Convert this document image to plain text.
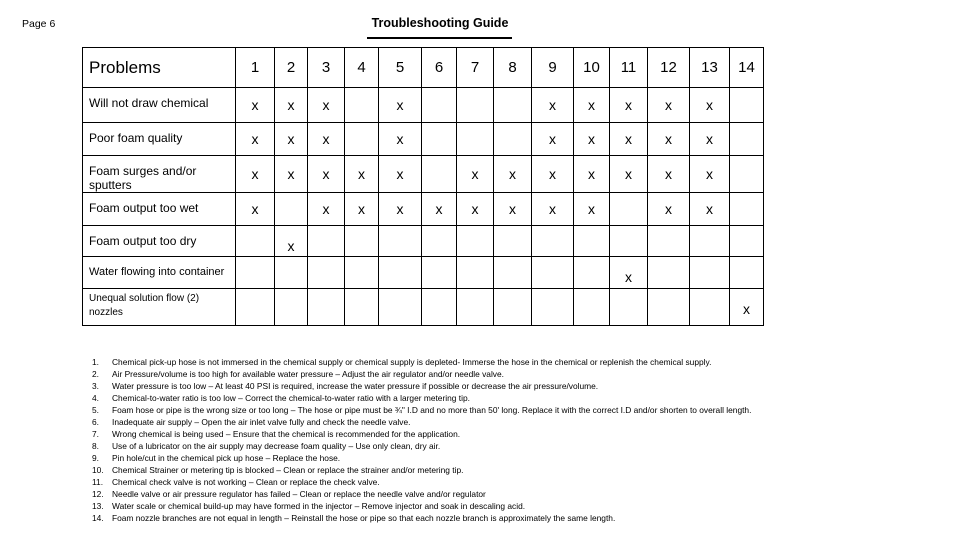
Page 6	Troubleshooting Guide
Problems	1	2	3	4	5	6	7	8	9	10	11	12	13	14
Will not draw chemical	x	x	x		x				x	x	x	x	x	
Poor foam quality	x	x	x		x				x	x	x	x	x	
Foam surges and/or sputters	x	x	x	x	x		x	x	x	x	x	x	x	
Foam output too wet	x		x	x	x	x	x	x	x	x		x	x	
Foam output too dry		x												
Water flowing into container											x			
Unequal solution flow (2) nozzles														x
1.	Chemical pick-up hose is not immersed in the chemical supply or chemical supply is depleted- Immerse the hose in the chemical or replenish the chemical supply.
2.	Air Pressure/volume is too high for available water pressure – Adjust the air regulator and/or needle valve.
3.	Water pressure is too low – At least 40 PSI is required, increase the water pressure if possible or decrease the air pressure/volume.
4.	Chemical-to-water ratio is too low – Correct the chemical-to-water ratio with a larger metering tip.
5.	Foam hose or pipe is the wrong size or too long – The hose or pipe must be ¾" I.D and no more than 50' long. Replace it with the correct I.D and/or shorten to overall length.
6.	Inadequate air supply – Open the air inlet valve fully and check the needle valve.
7.	Wrong chemical is being used – Ensure that the chemical is recommended for the application.
8.	Use of a lubricator on the air supply may decrease foam quality – Use only clean, dry air.
9.	Pin hole/cut in the chemical pick up hose – Replace the hose.
10. Chemical Strainer or metering tip is blocked – Clean or replace the strainer and/or metering tip.
11.	Chemical check valve is not working – Clean or replace the check valve.
12. Needle valve or air pressure regulator has failed – Clean or replace the needle valve and/or regulator
13. Water scale or chemical build-up may have formed in the injector – Remove injector and soak in descaling acid.
14. Foam nozzle branches are not equal in length – Reinstall the hose or pipe so that each nozzle branch is approximately the same length.
